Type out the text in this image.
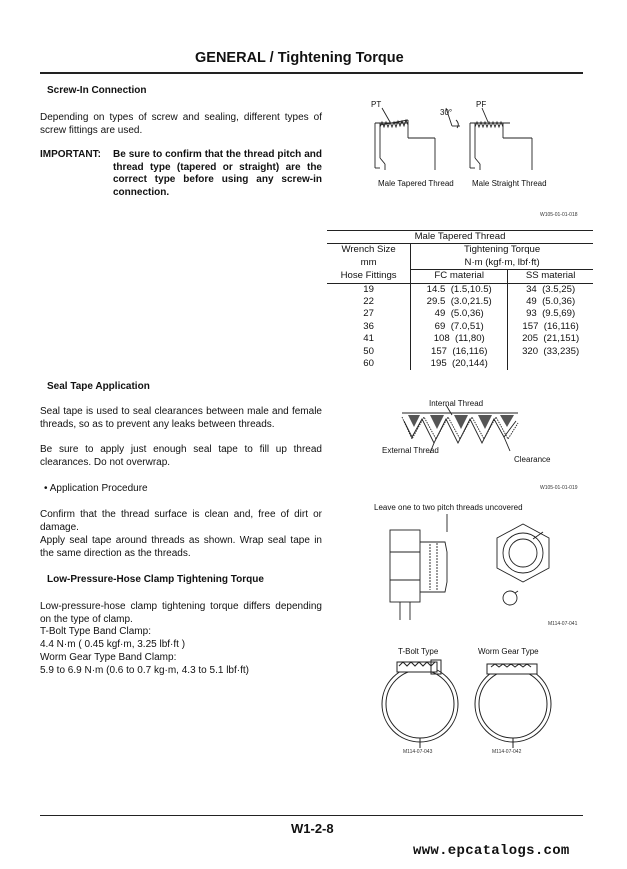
GENERAL / Tightening Torque
Screw-In Connection
Depending on types of screw and sealing, different types of screw fittings are used.
IMPORTANT: Be sure to confirm that the thread pitch and thread type (tapered or straight) are the correct type before using any screw-in connection.
PT
30°
PF
Male Tapered Thread Male Straight Thread
W105-01-01-018
Male Tapered Thread		
Wrench Size	Tightening Torque	
mm	N·m (kgf·m, lbf·ft)	
Hose Fittings	FC material	SS material
19	14.5 (1.5,10.5)	34 (3.5,25)
22	29.5 (3.0,21.5)	49 (5.0,36)
27	49 (5.0,36)	93 (9.5,69)
36	69 (7.0,51)	157 (16,116)
41	108 (11,80)	205 (21,151)
50	157 (16,116)	320 (33,235)
60	195 (20,144)	
Seal Tape Application
Seal tape is used to seal clearances between male and female threads, so as to prevent any leaks between threads.
Be sure to apply just enough seal tape to fill up thread clearances. Do not overwrap.
• Application Procedure
Confirm that the thread surface is clean and, free of dirt or damage.
Apply seal tape around threads as shown. Wrap seal tape in the same direction as the threads.
Internal Thread
External Thread
Clearance
W105-01-01-019
Leave one to two pitch threads uncovered
M114-07-041
Low-Pressure-Hose Clamp Tightening Torque
Low-pressure-hose clamp tightening torque differs depending on the type of clamp.
T-Bolt Type Band Clamp:
4.4 N·m ( 0.45 kgf·m, 3.25 lbf·ft )
Worm Gear Type Band Clamp:
5.9 to 6.9 N·m (0.6 to 0.7 kg·m, 4.3 to 5.1 lbf·ft)
T-Bolt Type	Worm Gear Type
M114-07-043	M114-07-042
W1-2-8
www.epcatalogs.com
